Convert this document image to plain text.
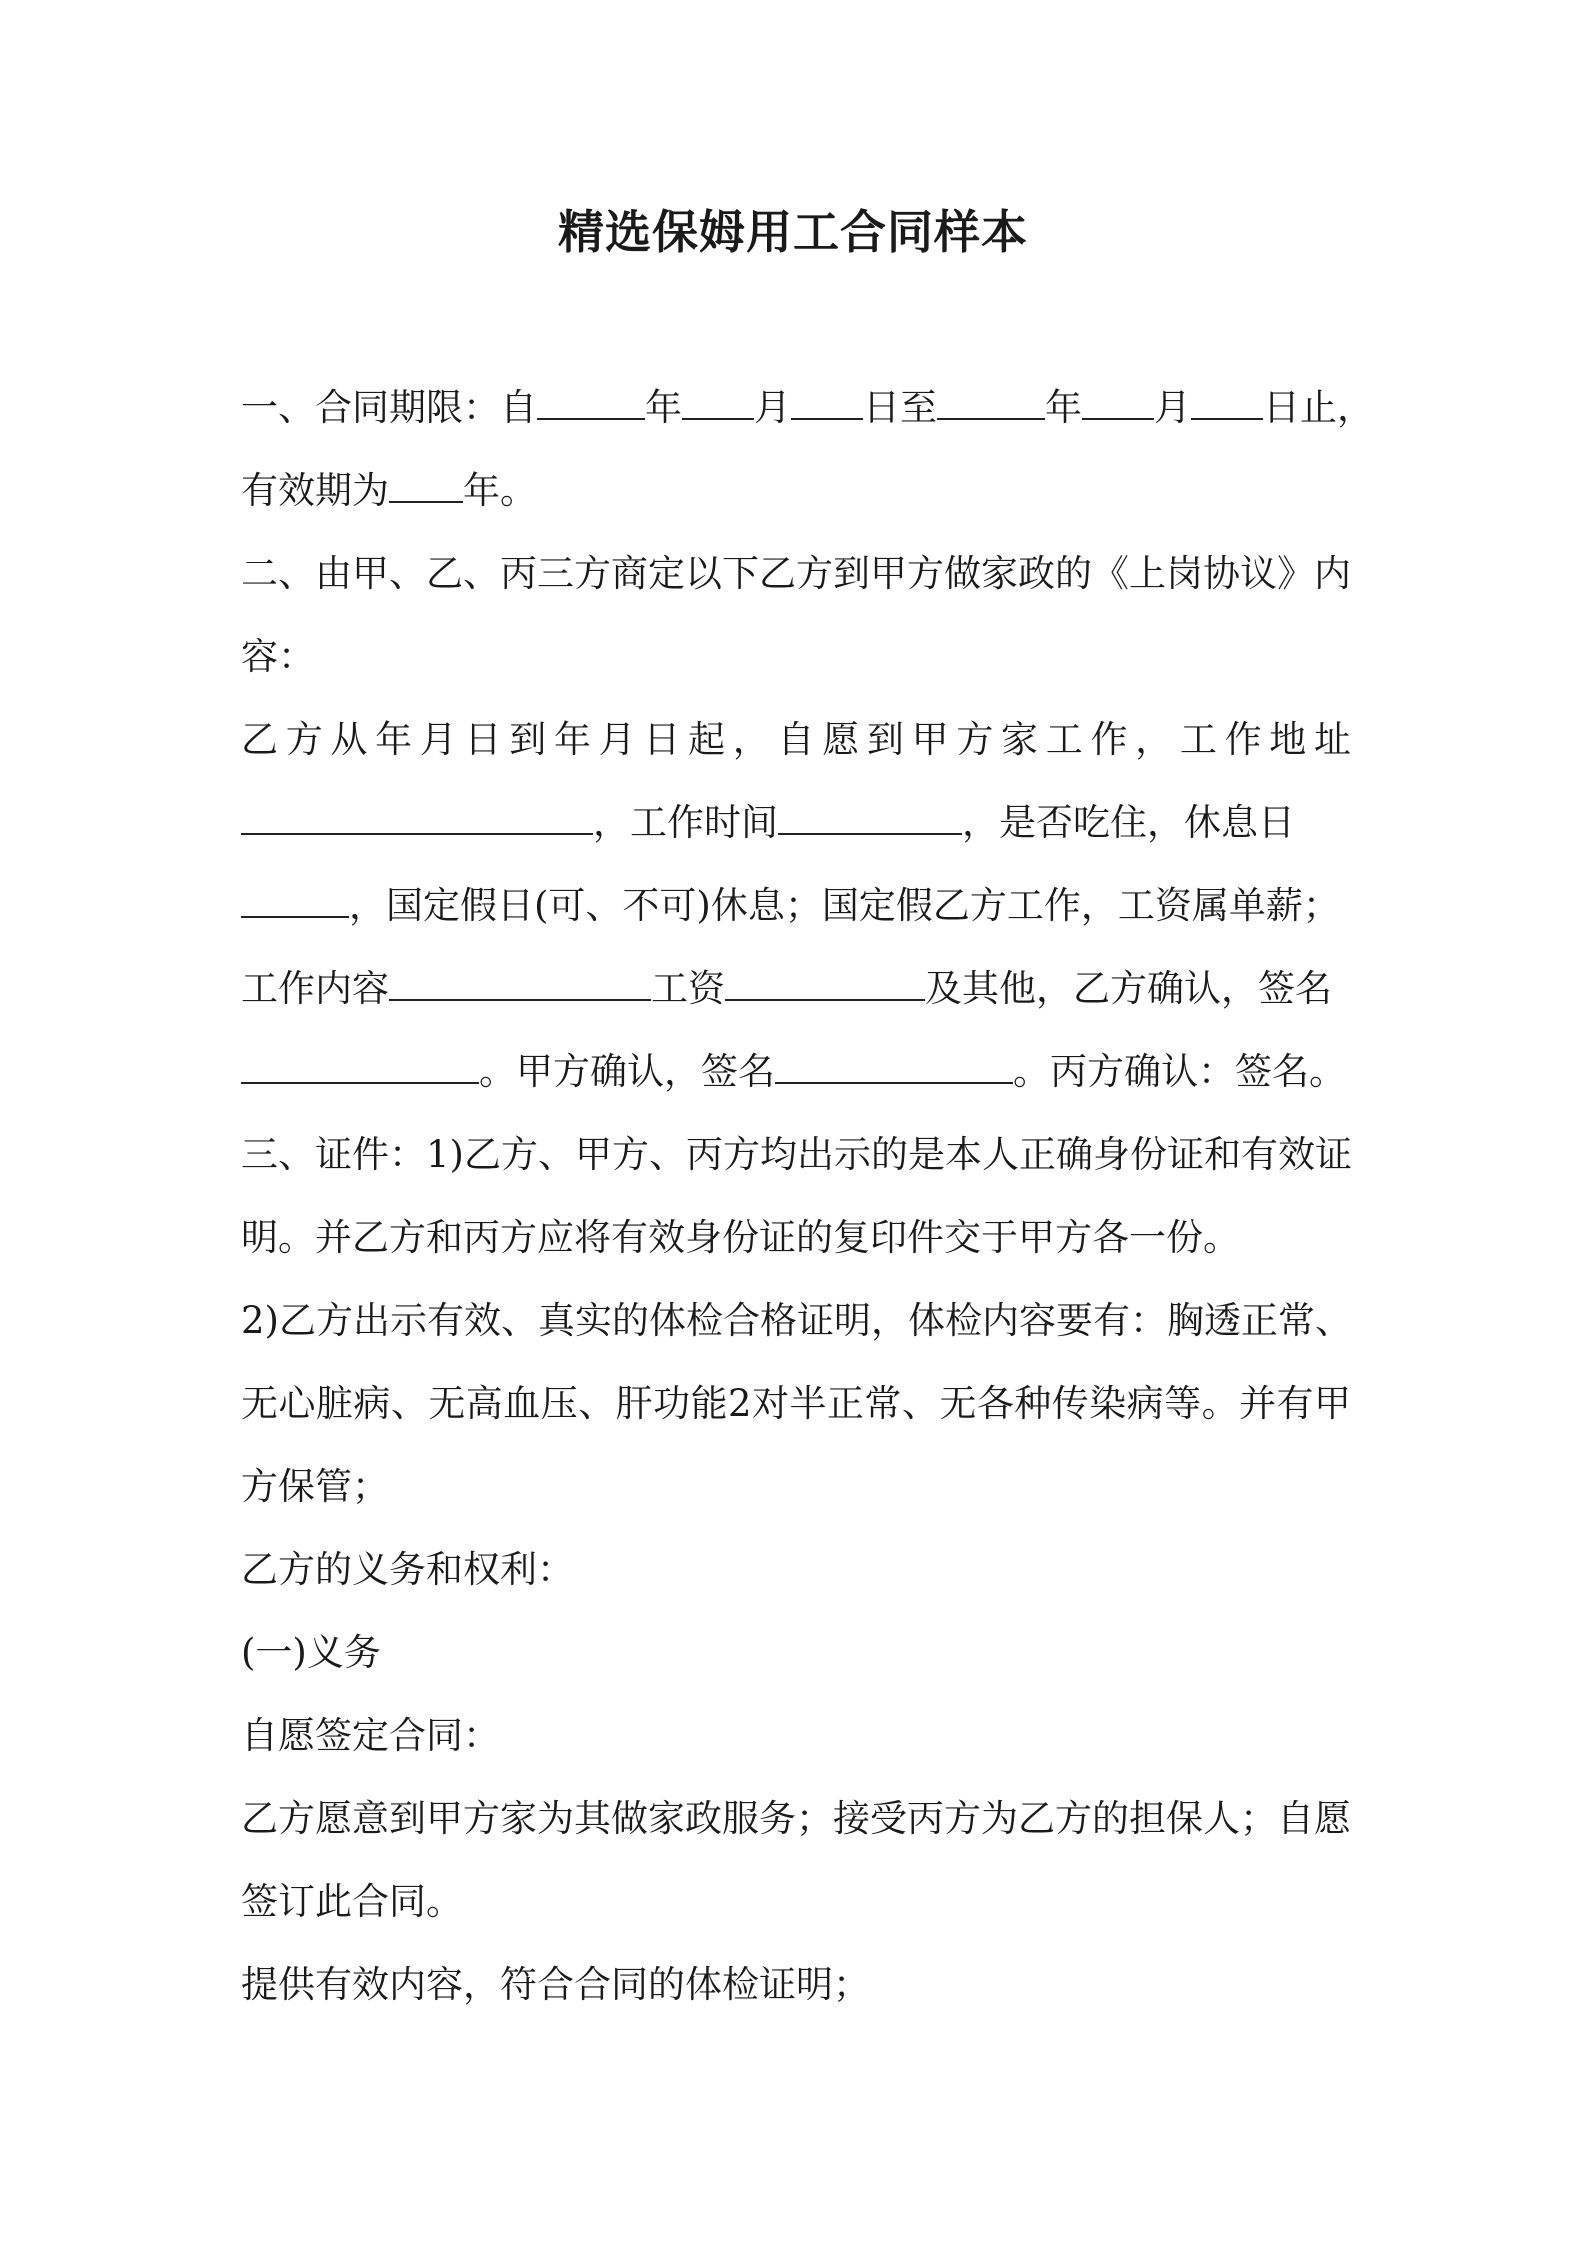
精选保姆用工合同样本
一、合同期限：自	年 月 日至	年 月 日止，
有效期为 年。
二、由甲、乙、丙三方商定以下乙方到甲方做家政的《上岗协议》内
容：
乙方从年月日到年月日起，自愿到甲方家工作，工作地址
，工作时间	，是否吃住，休息日
，国定假日(可、不可)休息；国定假乙方工作，工资属单薪；
工作内容	工资	及其他，乙方确认，签名
。甲方确认，签名	。丙方确认：签名。
三、证件：1)乙方、甲方、丙方均出示的是本人正确身份证和有效证
明。并乙方和丙方应将有效身份证的复印件交于甲方各一份。
2)乙方出示有效、真实的体检合格证明，体检内容要有：胸透正常、
无心脏病、无高血压、肝功能2对半正常、无各种传染病等。并有甲
方保管；
乙方的义务和权利：
(一)义务
自愿签定合同：
乙方愿意到甲方家为其做家政服务；接受丙方为乙方的担保人；自愿
签订此合同。
提供有效内容，符合合同的体检证明；
